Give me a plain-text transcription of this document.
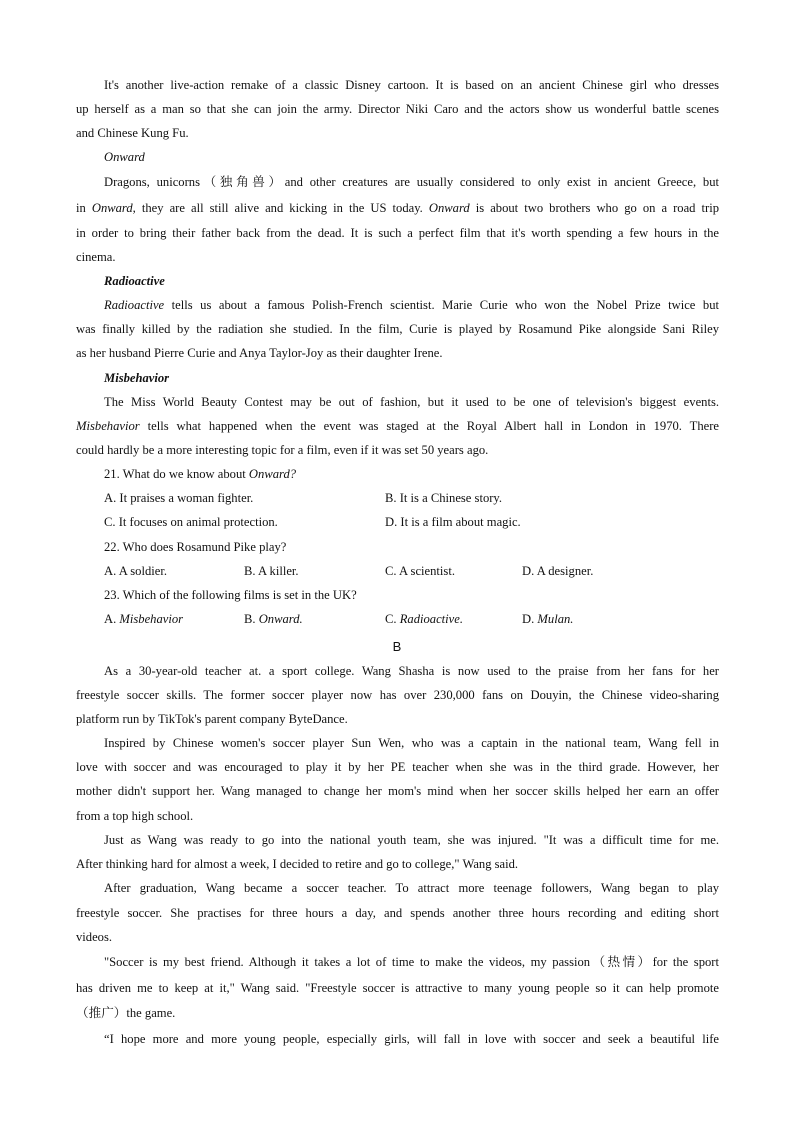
It's another live-action remake of a classic Disney cartoon. It is based on an ancient Chinese girl who dresses
up herself as a man so that she can join the army. Director Niki Caro and the actors show us wonderful battle scenes
and Chinese Kung Fu.
Onward
Dragons, unicorns（独角兽）and other creatures are usually considered to only exist in ancient Greece, but
in Onward, they are all still alive and kicking in the US today. Onward is about two brothers who go on a road trip
in order to bring their father back from the dead. It is such a perfect film that it's worth spending a few hours in the
cinema.
Radioactive
Radioactive tells us about a famous Polish-French scientist. Marie Curie who won the Nobel Prize twice but
was finally killed by the radiation she studied. In the film, Curie is played by Rosamund Pike alongside Sani Riley
as her husband Pierre Curie and Anya Taylor-Joy as their daughter Irene.
Misbehavior
The Miss World Beauty Contest may be out of fashion, but it used to be one of television's biggest events.
Misbehavior tells what happened when the event was staged at the Royal Albert hall in London in 1970. There
could hardly be a more interesting topic for a film, even if it was set 50 years ago.
21. What do we know about Onward?
A. It praises a woman fighter.	B. It is a Chinese story.
C. It focuses on animal protection.	D. It is a film about magic.
22. Who does Rosamund Pike play?
A. A soldier.	B. A killer.	C. A scientist.	D. A designer.
23. Which of the following films is set in the UK?
A. Misbehavior	B. Onward.	C. Radioactive.	D. Mulan.
B
As a 30-year-old teacher at. a sport college. Wang Shasha is now used to the praise from her fans for her
freestyle soccer skills. The former soccer player now has over 230,000 fans on Douyin, the Chinese video-sharing
platform run by TikTok's parent company ByteDance.
Inspired by Chinese women's soccer player Sun Wen, who was a captain in the national team, Wang fell in
love with soccer and was encouraged to play it by her PE teacher when she was in the third grade. However, her
mother didn't support her. Wang managed to change her mom's mind when her soccer skills helped her earn an offer
from a top high school.
Just as Wang was ready to go into the national youth team, she was injured. "It was a difficult time for me.
After thinking hard for almost a week, I decided to retire and go to college," Wang said.
After graduation, Wang became a soccer teacher. To attract more teenage followers, Wang began to play
freestyle soccer. She practises for three hours a day, and spends another three hours recording and editing short
videos.
"Soccer is my best friend. Although it takes a lot of time to make the videos, my passion（热情）for the sport
has driven me to keep at it," Wang said. "Freestyle soccer is attractive to many young people so it can help promote
（推广）the game.
“I hope more and more young people, especially girls, will fall in love with soccer and seek a beautiful life
